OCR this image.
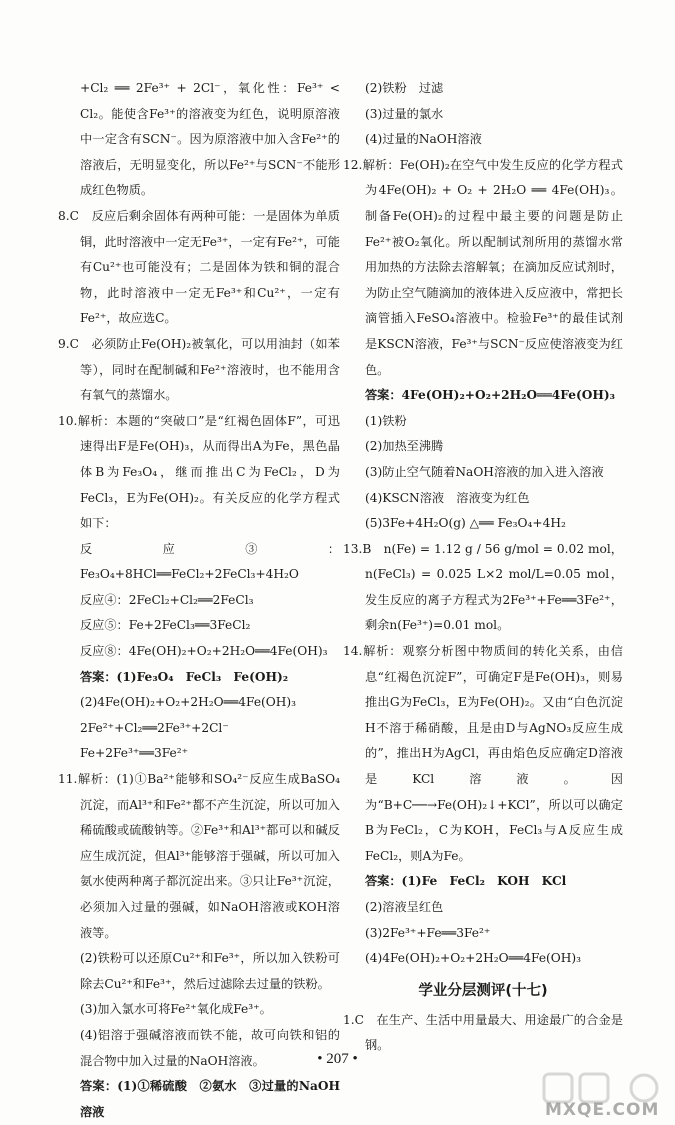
+Cl₂ ══ 2Fe³⁺ + 2Cl⁻，氧化性：Fe³⁺ < Cl₂。能使含Fe³⁺的溶液变为红色，说明原溶液中一定含有SCN⁻。因为原溶液中加入含Fe²⁺的溶液后，无明显变化，所以Fe²⁺与SCN⁻不能形成红色物质。

8.C　反应后剩余固体有两种可能：一是固体为单质铜，此时溶液中一定无Fe³⁺，一定有Fe²⁺，可能有Cu²⁺也可能没有；二是固体为铁和铜的混合物，此时溶液中一定无Fe³⁺和Cu²⁺，一定有Fe²⁺，故应选C。

9.C　必须防止Fe(OH)₂被氧化，可以用油封（如苯等），同时在配制碱和Fe²⁺溶液时，也不能用含有氧气的蒸馏水。

10.解析：本题的“突破口”是“红褐色固体F”，可迅速得出F是Fe(OH)₃，从而得出A为Fe，黑色晶体B为Fe₃O₄，继而推出C为FeCl₂，D为FeCl₃，E为Fe(OH)₂。有关反应的化学方程式如下：

反应③：Fe₃O₄+8HCl══FeCl₂+2FeCl₃+4H₂O

反应④：2FeCl₂+Cl₂══2FeCl₃

反应⑤：Fe+2FeCl₃══3FeCl₂

反应⑧：4Fe(OH)₂+O₂+2H₂O══4Fe(OH)₃

答案：(1)Fe₃O₄　FeCl₃　Fe(OH)₂

(2)4Fe(OH)₂+O₂+2H₂O══4Fe(OH)₃　2Fe²⁺+Cl₂══2Fe³⁺+2Cl⁻　Fe+2Fe³⁺══3Fe²⁺

11.解析：(1)①Ba²⁺能够和SO₄²⁻反应生成BaSO₄沉淀，而Al³⁺和Fe²⁺都不产生沉淀，所以可加入稀硫酸或硫酸钠等。②Fe³⁺和Al³⁺都可以和碱反应生成沉淀，但Al³⁺能够溶于强碱，所以可加入氨水使两种离子都沉淀出来。③只让Fe³⁺沉淀，必须加入过量的强碱，如NaOH溶液或KOH溶液等。

(2)铁粉可以还原Cu²⁺和Fe³⁺，所以加入铁粉可除去Cu²⁺和Fe³⁺，然后过滤除去过量的铁粉。

(3)加入氯水可将Fe²⁺氧化成Fe³⁺。

(4)铝溶于强碱溶液而铁不能，故可向铁和铝的混合物中加入过量的NaOH溶液。

答案：(1)①稀硫酸　②氨水　③过量的NaOH溶液

(2)铁粉　过滤

(3)过量的氯水

(4)过量的NaOH溶液

12.解析：Fe(OH)₂在空气中发生反应的化学方程式为4Fe(OH)₂ + O₂ + 2H₂O ══ 4Fe(OH)₃。制备Fe(OH)₂的过程中最主要的问题是防止Fe²⁺被O₂氧化。所以配制试剂所用的蒸馏水常用加热的方法除去溶解氧；在滴加反应试剂时，为防止空气随滴加的液体进入反应液中，常把长滴管插入FeSO₄溶液中。检验Fe³⁺的最佳试剂是KSCN溶液，Fe³⁺与SCN⁻反应使溶液变为红色。

答案：4Fe(OH)₂+O₂+2H₂O══4Fe(OH)₃

(1)铁粉

(2)加热至沸腾

(3)防止空气随着NaOH溶液的加入进入溶液

(4)KSCN溶液　溶液变为红色

(5)3Fe+4H₂O(g) △══ Fe₃O₄+4H₂

13.B　n(Fe) = 1.12 g / 56 g/mol = 0.02 mol，n(FeCl₃) = 0.025 L×2 mol/L=0.05 mol，发生反应的离子方程式为2Fe³⁺+Fe══3Fe²⁺，剩余n(Fe³⁺)=0.01 mol。

14.解析：观察分析图中物质间的转化关系，由信息“红褐色沉淀F”，可确定F是Fe(OH)₃，则易推出G为FeCl₃，E为Fe(OH)₂。又由“白色沉淀H不溶于稀硝酸，且是由D与AgNO₃反应生成的”，推出H为AgCl，再由焰色反应确定D溶液是KCl溶液。因为“B+C──→Fe(OH)₂↓+KCl”，所以可以确定B为FeCl₂，C为KOH，FeCl₃与A反应生成FeCl₂，则A为Fe。

答案：(1)Fe　FeCl₂　KOH　KCl

(2)溶液呈红色

(3)2Fe³⁺+Fe══3Fe²⁺

(4)4Fe(OH)₂+O₂+2H₂O══4Fe(OH)₃

学业分层测评(十七)

1.C　在生产、生活中用量最大、用途最广的合金是钢。

• 207 •
MXQE.COM
